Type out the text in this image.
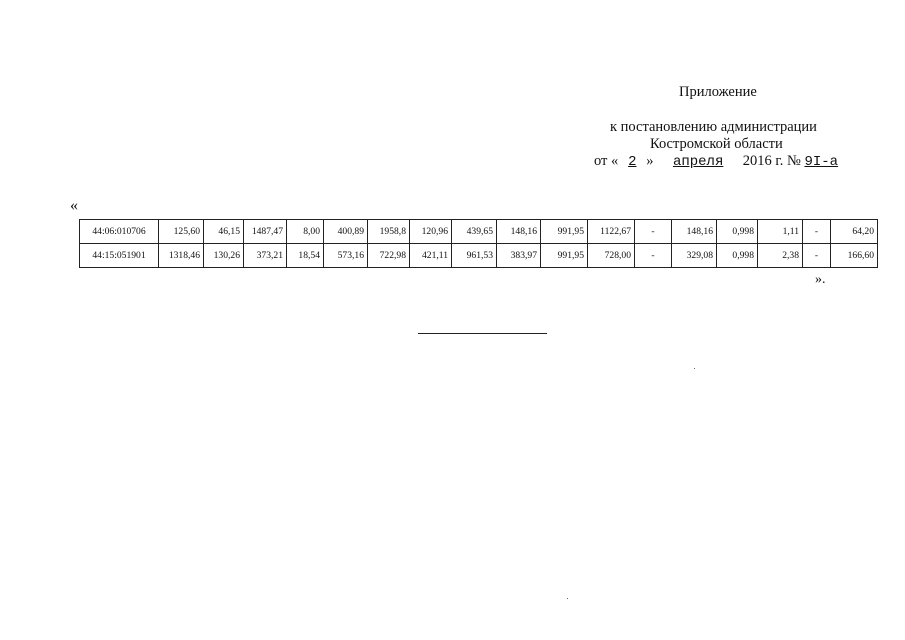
Приложение
к постановлению администрации
Костромской области
от « 2 » апреля 2016 г. № 9I-a
«
44:06:010706	125,60	46,15	1487,47	8,00	400,89	1958,8	120,96	439,65	148,16	991,95	1122,67	-	148,16	0,998	1,11	-	64,20
44:15:051901	1318,46	130,26	373,21	18,54	573,16	722,98	421,11	961,53	383,97	991,95	728,00	-	329,08	0,998	2,38	-	166,60
».
